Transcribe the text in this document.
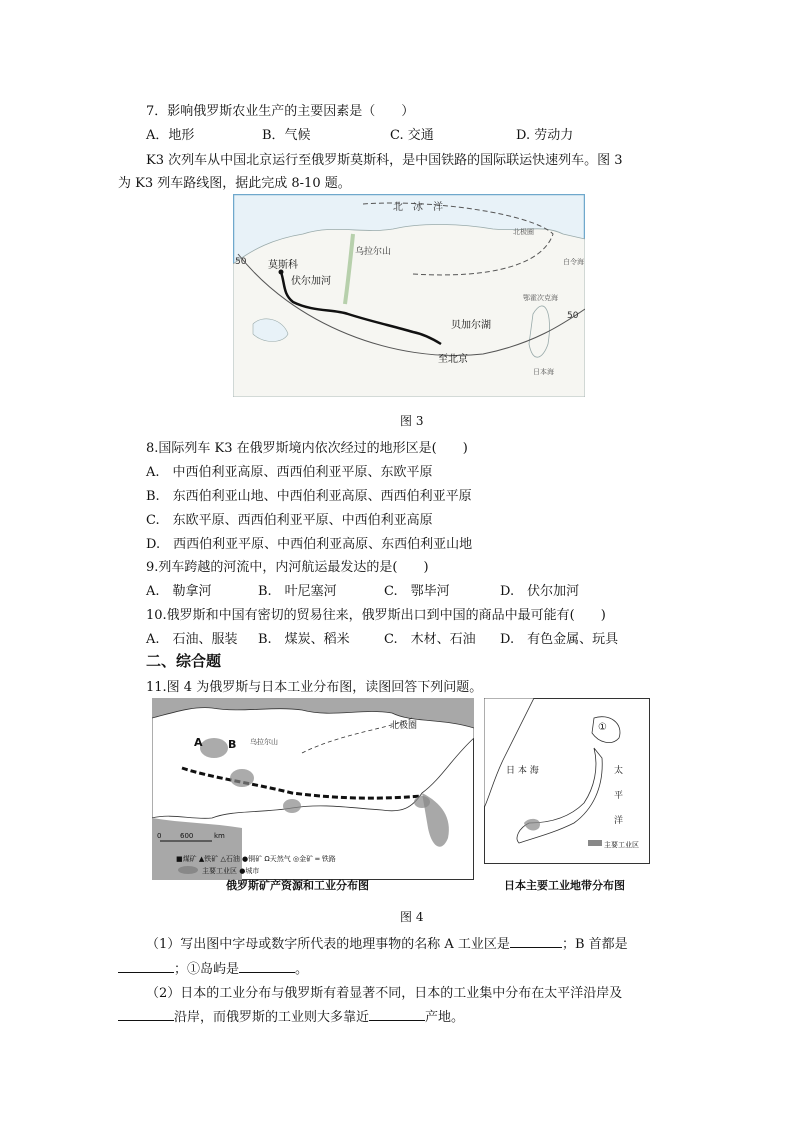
7．影响俄罗斯农业生产的主要因素是（　　）
A．地形	B．气候	C. 交通	D. 劳动力
K3 次列车从中国北京运行至俄罗斯莫斯科，是中国铁路的国际联运快速列车。图 3
为 K3 列车路线图，据此完成 8-10 题。
莫斯科
伏尔加河
乌拉尔山
贝加尔湖
至北京
北　冰　洋
50
50
鄂霍次克海
日本海
白令海
北极圈
图 3
8.国际列车 K3 在俄罗斯境内依次经过的地形区是(　　)
A.　中西伯利亚高原、西西伯利亚平原、东欧平原
B.　东西伯利亚山地、中西伯利亚高原、西西伯利亚平原
C.　东欧平原、西西伯利亚平原、中西伯利亚高原
D.　西西伯利亚平原、中西伯利亚高原、东西伯利亚山地
9.列车跨越的河流中，内河航运最发达的是(　　)
A.　勒拿河	B.　叶尼塞河	C.　鄂毕河	D.　伏尔加河
10.俄罗斯和中国有密切的贸易往来，俄罗斯出口到中国的商品中最可能有(　　)
A.　石油、服装 B.　煤炭、稻米	C.　木材、石油 D.　有色金属、玩具
二、综合题
11.图 4 为俄罗斯与日本工业分布图，读图回答下列问题。
北极圈
A B 乌拉尔山
0	600	km
■煤矿 ▲铁矿 △石油 ●铜矿 Ω天然气 ◎金矿 ═ 铁路
主要工业区 ●城市
俄罗斯矿产资源和工业分布图
①
日 本 海	太
平
洋
主要工业区
日本主要工业地带分布图
图 4
（1）写出图中字母或数字所代表的地理事物的名称 A 工业区是	；B 首都是
；①岛屿是	。
（2）日本的工业分布与俄罗斯有着显著不同，日本的工业集中分布在太平洋沿岸及
沿岸，而俄罗斯的工业则大多靠近	产地。
